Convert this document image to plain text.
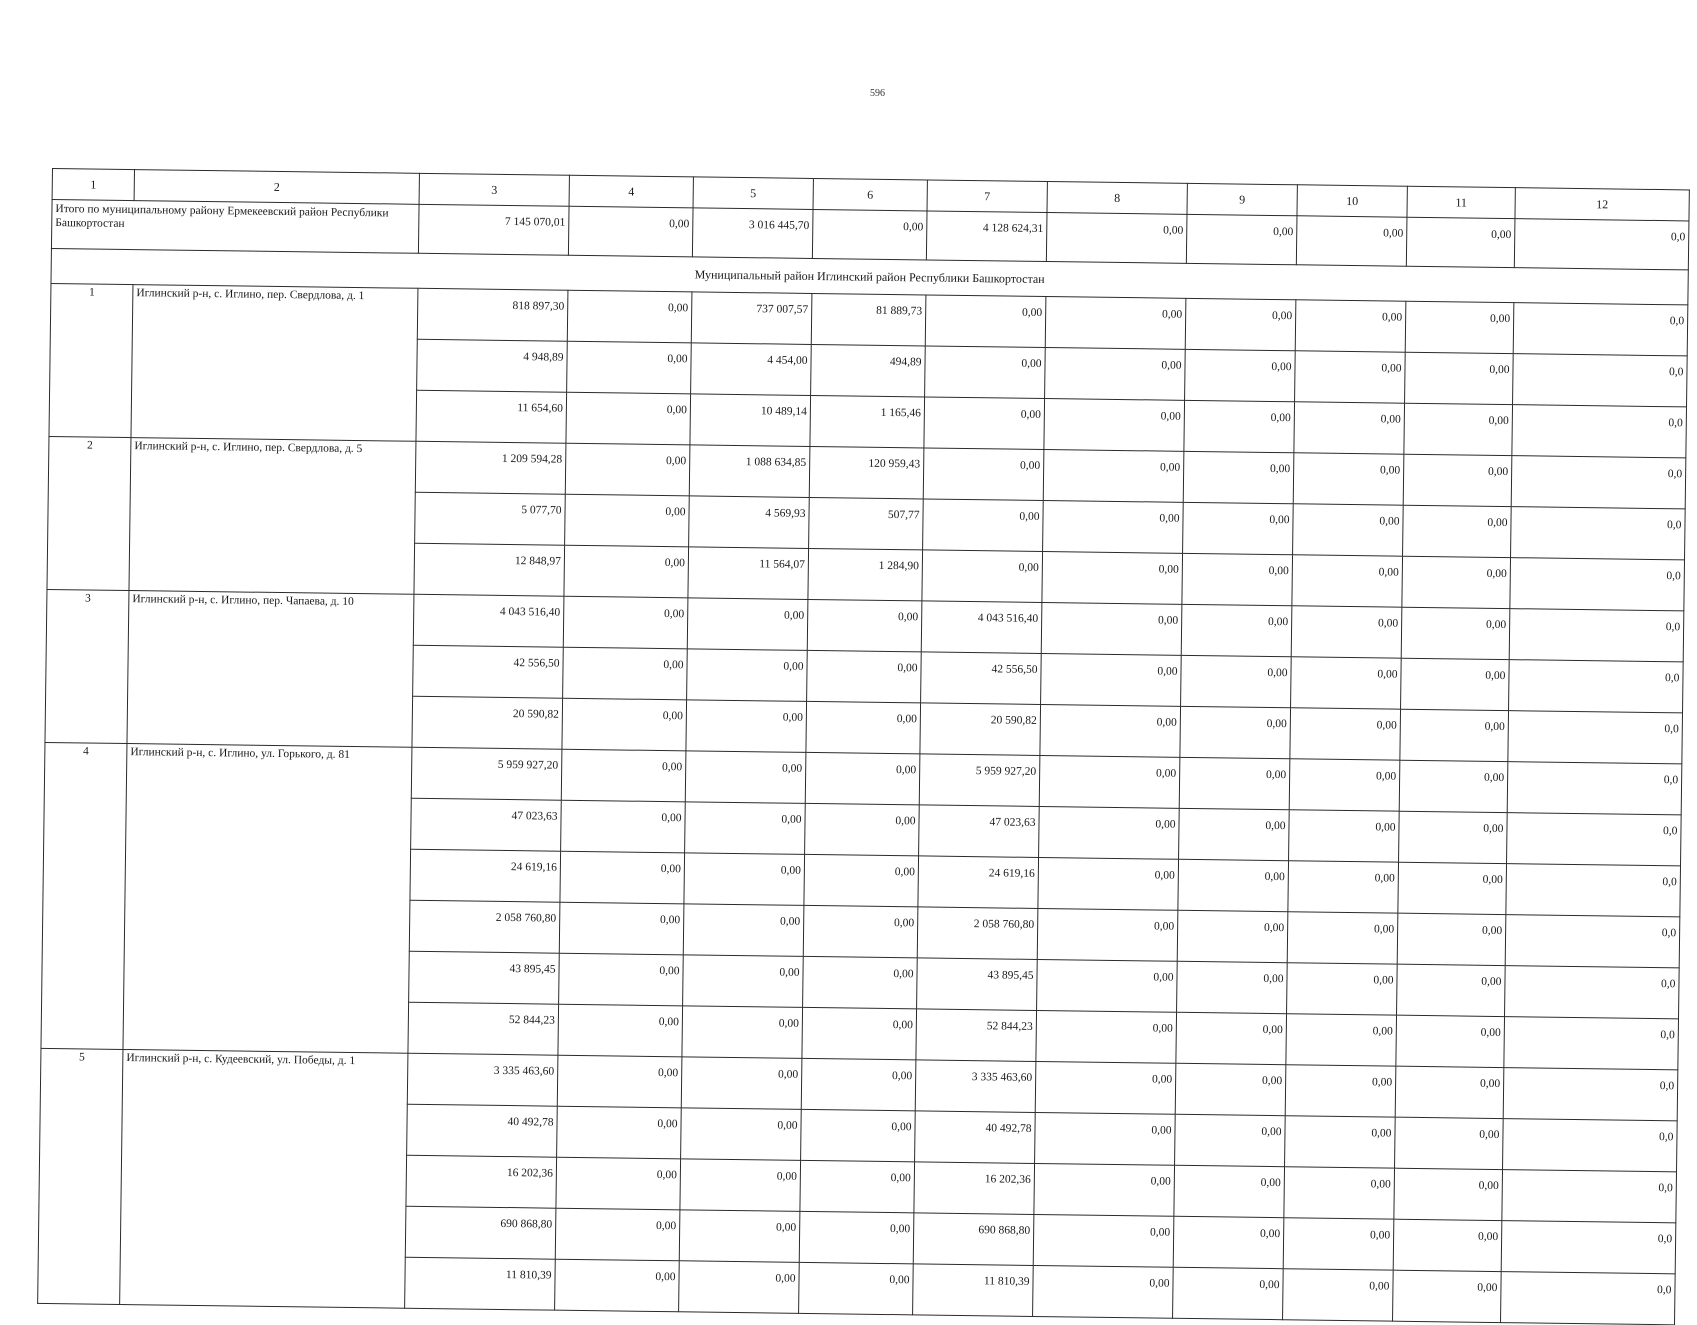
596
1	2	3	4	5	6	7	8	9	10	11	12
Итого по муниципальному району Ермекеевский район Республики Башкортостан		7 145 070,01	0,00	3 016 445,70	0,00	4 128 624,31	0,00	0,00	0,00	0,00	0,0
Муниципальный район Иглинский район Республики Башкортостан											
1	Иглинский р-н, с. Иглино, пер. Свердлова, д. 1	818 897,30	0,00	737 007,57	81 889,73	0,00	0,00	0,00	0,00	0,00	0,0
		4 948,89	0,00	4 454,00	494,89	0,00	0,00	0,00	0,00	0,00	0,0
		11 654,60	0,00	10 489,14	1 165,46	0,00	0,00	0,00	0,00	0,00	0,0
2	Иглинский р-н, с. Иглино, пер. Свердлова, д. 5	1 209 594,28	0,00	1 088 634,85	120 959,43	0,00	0,00	0,00	0,00	0,00	0,0
		5 077,70	0,00	4 569,93	507,77	0,00	0,00	0,00	0,00	0,00	0,0
		12 848,97	0,00	11 564,07	1 284,90	0,00	0,00	0,00	0,00	0,00	0,0
3	Иглинский р-н, с. Иглино, пер. Чапаева, д. 10	4 043 516,40	0,00	0,00	0,00	4 043 516,40	0,00	0,00	0,00	0,00	0,0
		42 556,50	0,00	0,00	0,00	42 556,50	0,00	0,00	0,00	0,00	0,0
		20 590,82	0,00	0,00	0,00	20 590,82	0,00	0,00	0,00	0,00	0,0
4	Иглинский р-н, с. Иглино, ул. Горького, д. 81	5 959 927,20	0,00	0,00	0,00	5 959 927,20	0,00	0,00	0,00	0,00	0,0
		47 023,63	0,00	0,00	0,00	47 023,63	0,00	0,00	0,00	0,00	0,0
		24 619,16	0,00	0,00	0,00	24 619,16	0,00	0,00	0,00	0,00	0,0
		2 058 760,80	0,00	0,00	0,00	2 058 760,80	0,00	0,00	0,00	0,00	0,0
		43 895,45	0,00	0,00	0,00	43 895,45	0,00	0,00	0,00	0,00	0,0
		52 844,23	0,00	0,00	0,00	52 844,23	0,00	0,00	0,00	0,00	0,0
5	Иглинский р-н, с. Кудеевский, ул. Победы, д. 1	3 335 463,60	0,00	0,00	0,00	3 335 463,60	0,00	0,00	0,00	0,00	0,0
		40 492,78	0,00	0,00	0,00	40 492,78	0,00	0,00	0,00	0,00	0,0
		16 202,36	0,00	0,00	0,00	16 202,36	0,00	0,00	0,00	0,00	0,0
		690 868,80	0,00	0,00	0,00	690 868,80	0,00	0,00	0,00	0,00	0,0
		11 810,39	0,00	0,00	0,00	11 810,39	0,00	0,00	0,00	0,00	0,0
